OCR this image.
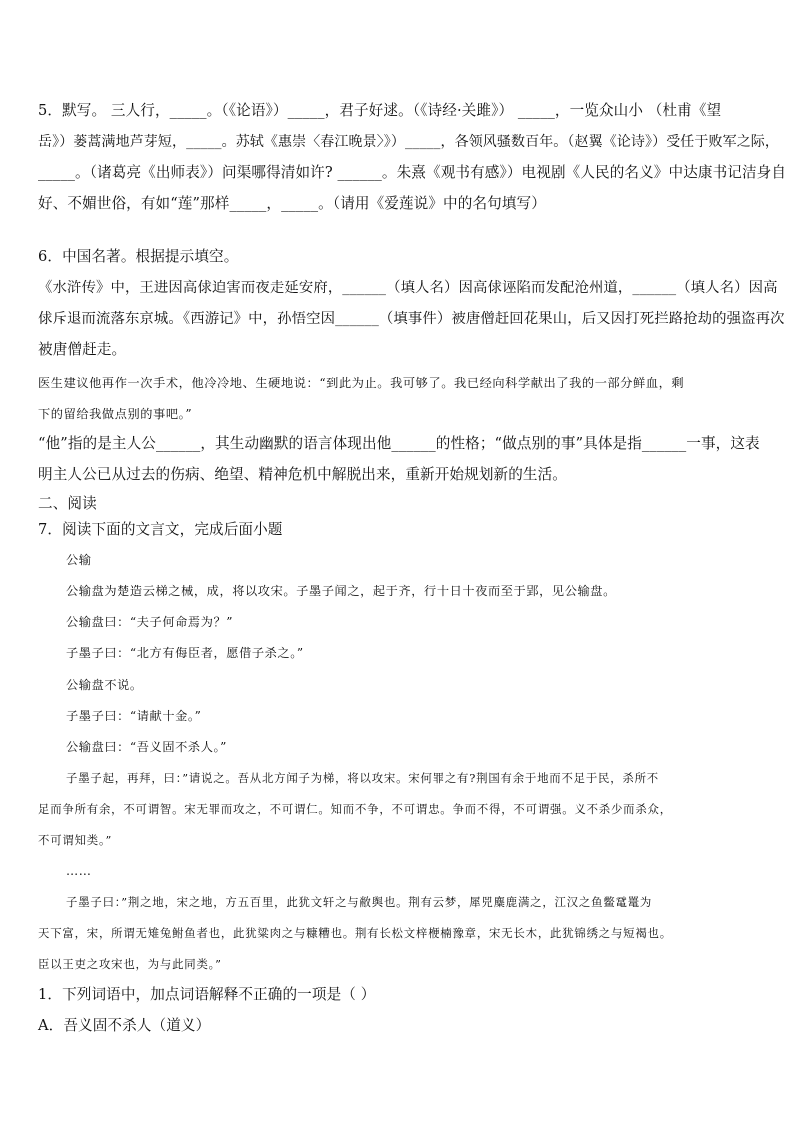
5．默写。 三人行，_____。（《论语》）_____，君子好逑。（《诗经·关雎》） _____，一览众山小 （杜甫《望
岳》）蒌蒿满地芦芽短，_____。苏轼《惠崇〈春江晚景〉》）_____，各领风骚数百年。（赵翼《论诗》）受任于败军之际，
_____。（诸葛亮《出师表》）问渠哪得清如许? ______。朱熹《观书有感》）电视剧《人民的名义》中达康书记洁身自
好、不媚世俗，有如“莲”那样_____，_____。（请用《爱莲说》中的名句填写）
6．中国名著。根据提示填空。
《水浒传》中，王进因高俅迫害而夜走延安府，______（填人名）因高俅诬陷而发配沧州道，______（填人名）因高
俅斥退而流落东京城。《西游记》中，孙悟空因______（填事件）被唐僧赶回花果山，后又因打死拦路抢劫的强盗再次
被唐僧赶走。
医生建议他再作一次手术，他冷冷地、生硬地说：“到此为止。我可够了。我已经向科学献出了我的一部分鲜血，剩
下的留给我做点别的事吧。”
“他”指的是主人公______，其生动幽默的语言体现出他______的性格；“做点别的事”具体是指______一事，这表
明主人公已从过去的伤病、绝望、精神危机中解脱出来，重新开始规划新的生活。
二、阅读
7．阅读下面的文言文，完成后面小题
公输
公输盘为楚造云梯之械，成，将以攻宋。子墨子闻之，起于齐，行十日十夜而至于郢，见公输盘。
公输盘曰：“夫子何命焉为？”
子墨子曰：“北方有侮臣者，愿借子杀之。”
公输盘不说。
子墨子曰：“请献十金。”
公输盘曰：“吾义固不杀人。”
子墨子起，再拜，曰：”请说之。吾从北方闻子为梯，将以攻宋。宋何罪之有?荆国有余于地而不足于民，杀所不
足而争所有余，不可谓智。宋无罪而攻之，不可谓仁。知而不争，不可谓忠。争而不得，不可谓强。义不杀少而杀众，
不可谓知类。”
……
子墨子曰：”荆之地，宋之地，方五百里，此犹文轩之与敝舆也。荆有云梦，犀兕麋鹿满之，江汉之鱼鳖鼋鼍为
天下富，宋，所谓无雉兔鲋鱼者也，此犹粱肉之与糠糟也。荆有长松文梓楩楠豫章，宋无长木，此犹锦绣之与短褐也。
臣以王吏之攻宋也，为与此同类。”
1．下列词语中，加点词语解释不正确的一项是（ ）
A．吾义固不杀人（道义）
